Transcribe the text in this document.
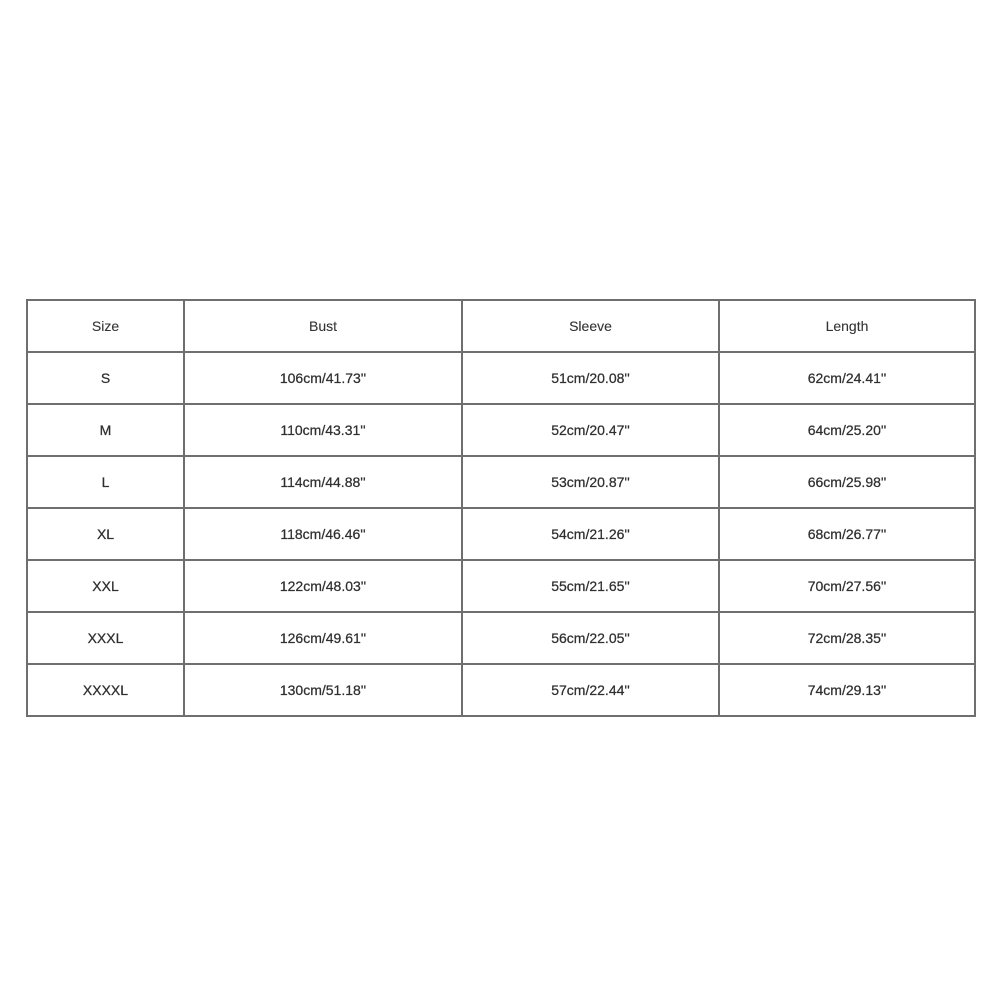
Size	Bust	Sleeve	Length
S	106cm/41.73''	51cm/20.08''	62cm/24.41''
M	110cm/43.31''	52cm/20.47''	64cm/25.20''
L	114cm/44.88''	53cm/20.87''	66cm/25.98''
XL	118cm/46.46''	54cm/21.26''	68cm/26.77''
XXL	122cm/48.03''	55cm/21.65''	70cm/27.56''
XXXL	126cm/49.61''	56cm/22.05''	72cm/28.35''
XXXXL	130cm/51.18''	57cm/22.44''	74cm/29.13''
